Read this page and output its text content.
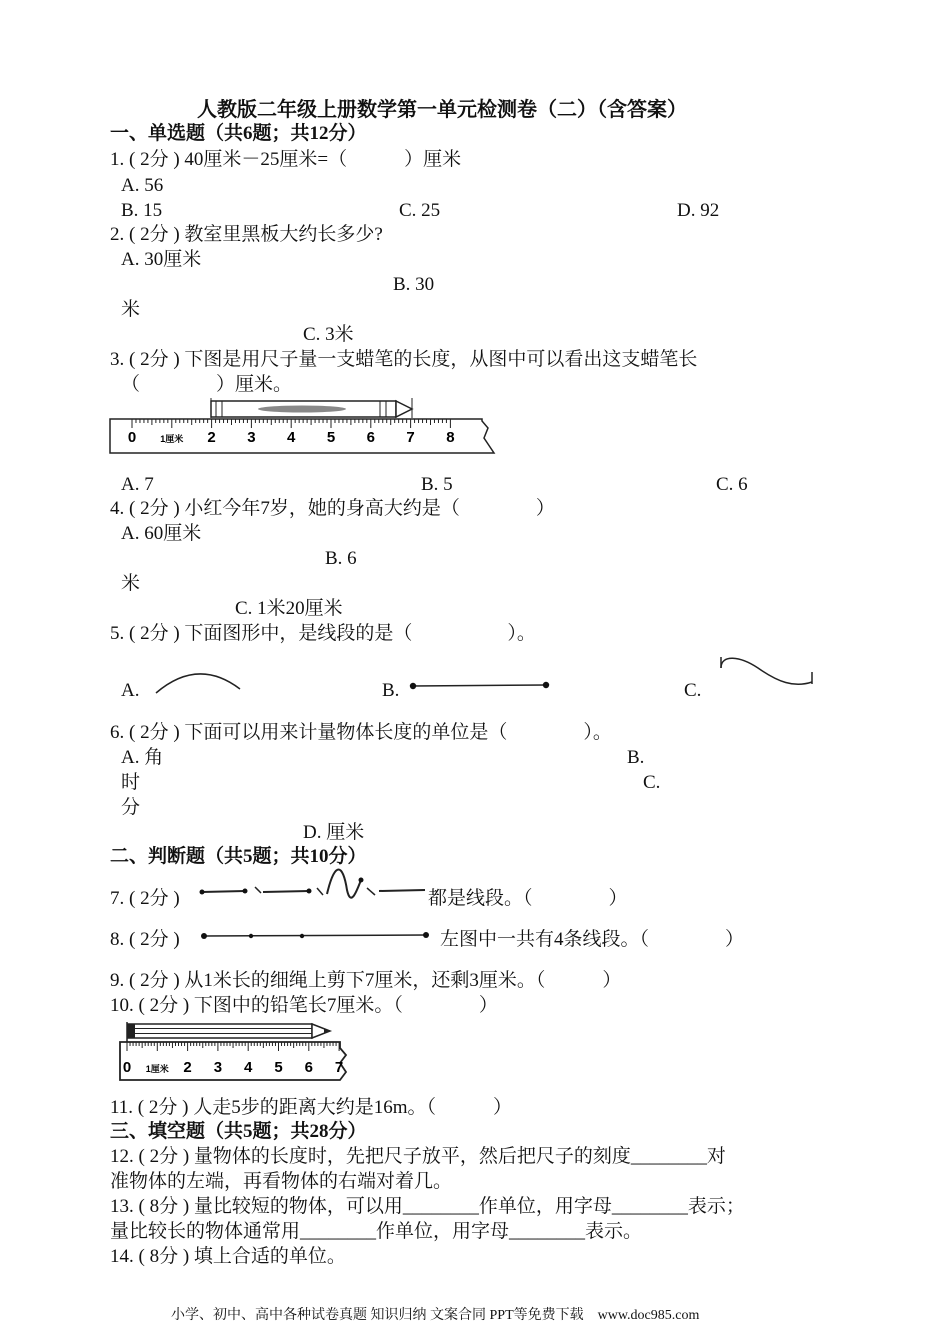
人教版二年级上册数学第一单元检测卷（二）（含答案）
一、单选题（共6题；共12分）
1. ( 2分 ) 40厘米－25厘米=（　　　）厘米
A. 56
B. 15	C. 25	D. 92
2. ( 2分 ) 教室里黑板大约长多少?
A. 30厘米
B. 30
米
C. 3米
3. ( 2分 ) 下图是用尺子量一支蜡笔的长度，从图中可以看出这支蜡笔长
（　　　　）厘米。
0	1厘米 2 3 4 5 6 7 8
A. 7	B. 5	C. 6
4. ( 2分 ) 小红今年7岁，她的身高大约是（　　　　）
A. 60厘米
B. 6
米
C. 1米20厘米
5. ( 2分 ) 下面图形中，是线段的是（　　　　　）。
A.	B.	C.
6. ( 2分 ) 下面可以用来计量物体长度的单位是（　　　　）。
A. 角	B.
时	C.
分
D. 厘米
二、判断题（共5题；共10分）
7. ( 2分 )	都是线段。（　　　　）
8. ( 2分 )	左图中一共有4条线段。（　　　　）
9. ( 2分 ) 从1米长的细绳上剪下7厘米，还剩3厘米。（　　　）
10. ( 2分 ) 下图中的铅笔长7厘米。（　　　　）
0 1厘米 2 3 4 5 6 7
11. ( 2分 ) 人走5步的距离大约是16m。（　　　）
三、填空题（共5题；共28分）
12. ( 2分 ) 量物体的长度时，先把尺子放平，然后把尺子的刻度________对
准物体的左端，再看物体的右端对着几。
13. ( 8分 ) 量比较短的物体，可以用________作单位，用字母________表示；
量比较长的物体通常用________作单位，用字母________表示。
14. ( 8分 ) 填上合适的单位。
小学、初中、高中各种试卷真题 知识归纳 文案合同 PPT等免费下载　www.doc985.com
